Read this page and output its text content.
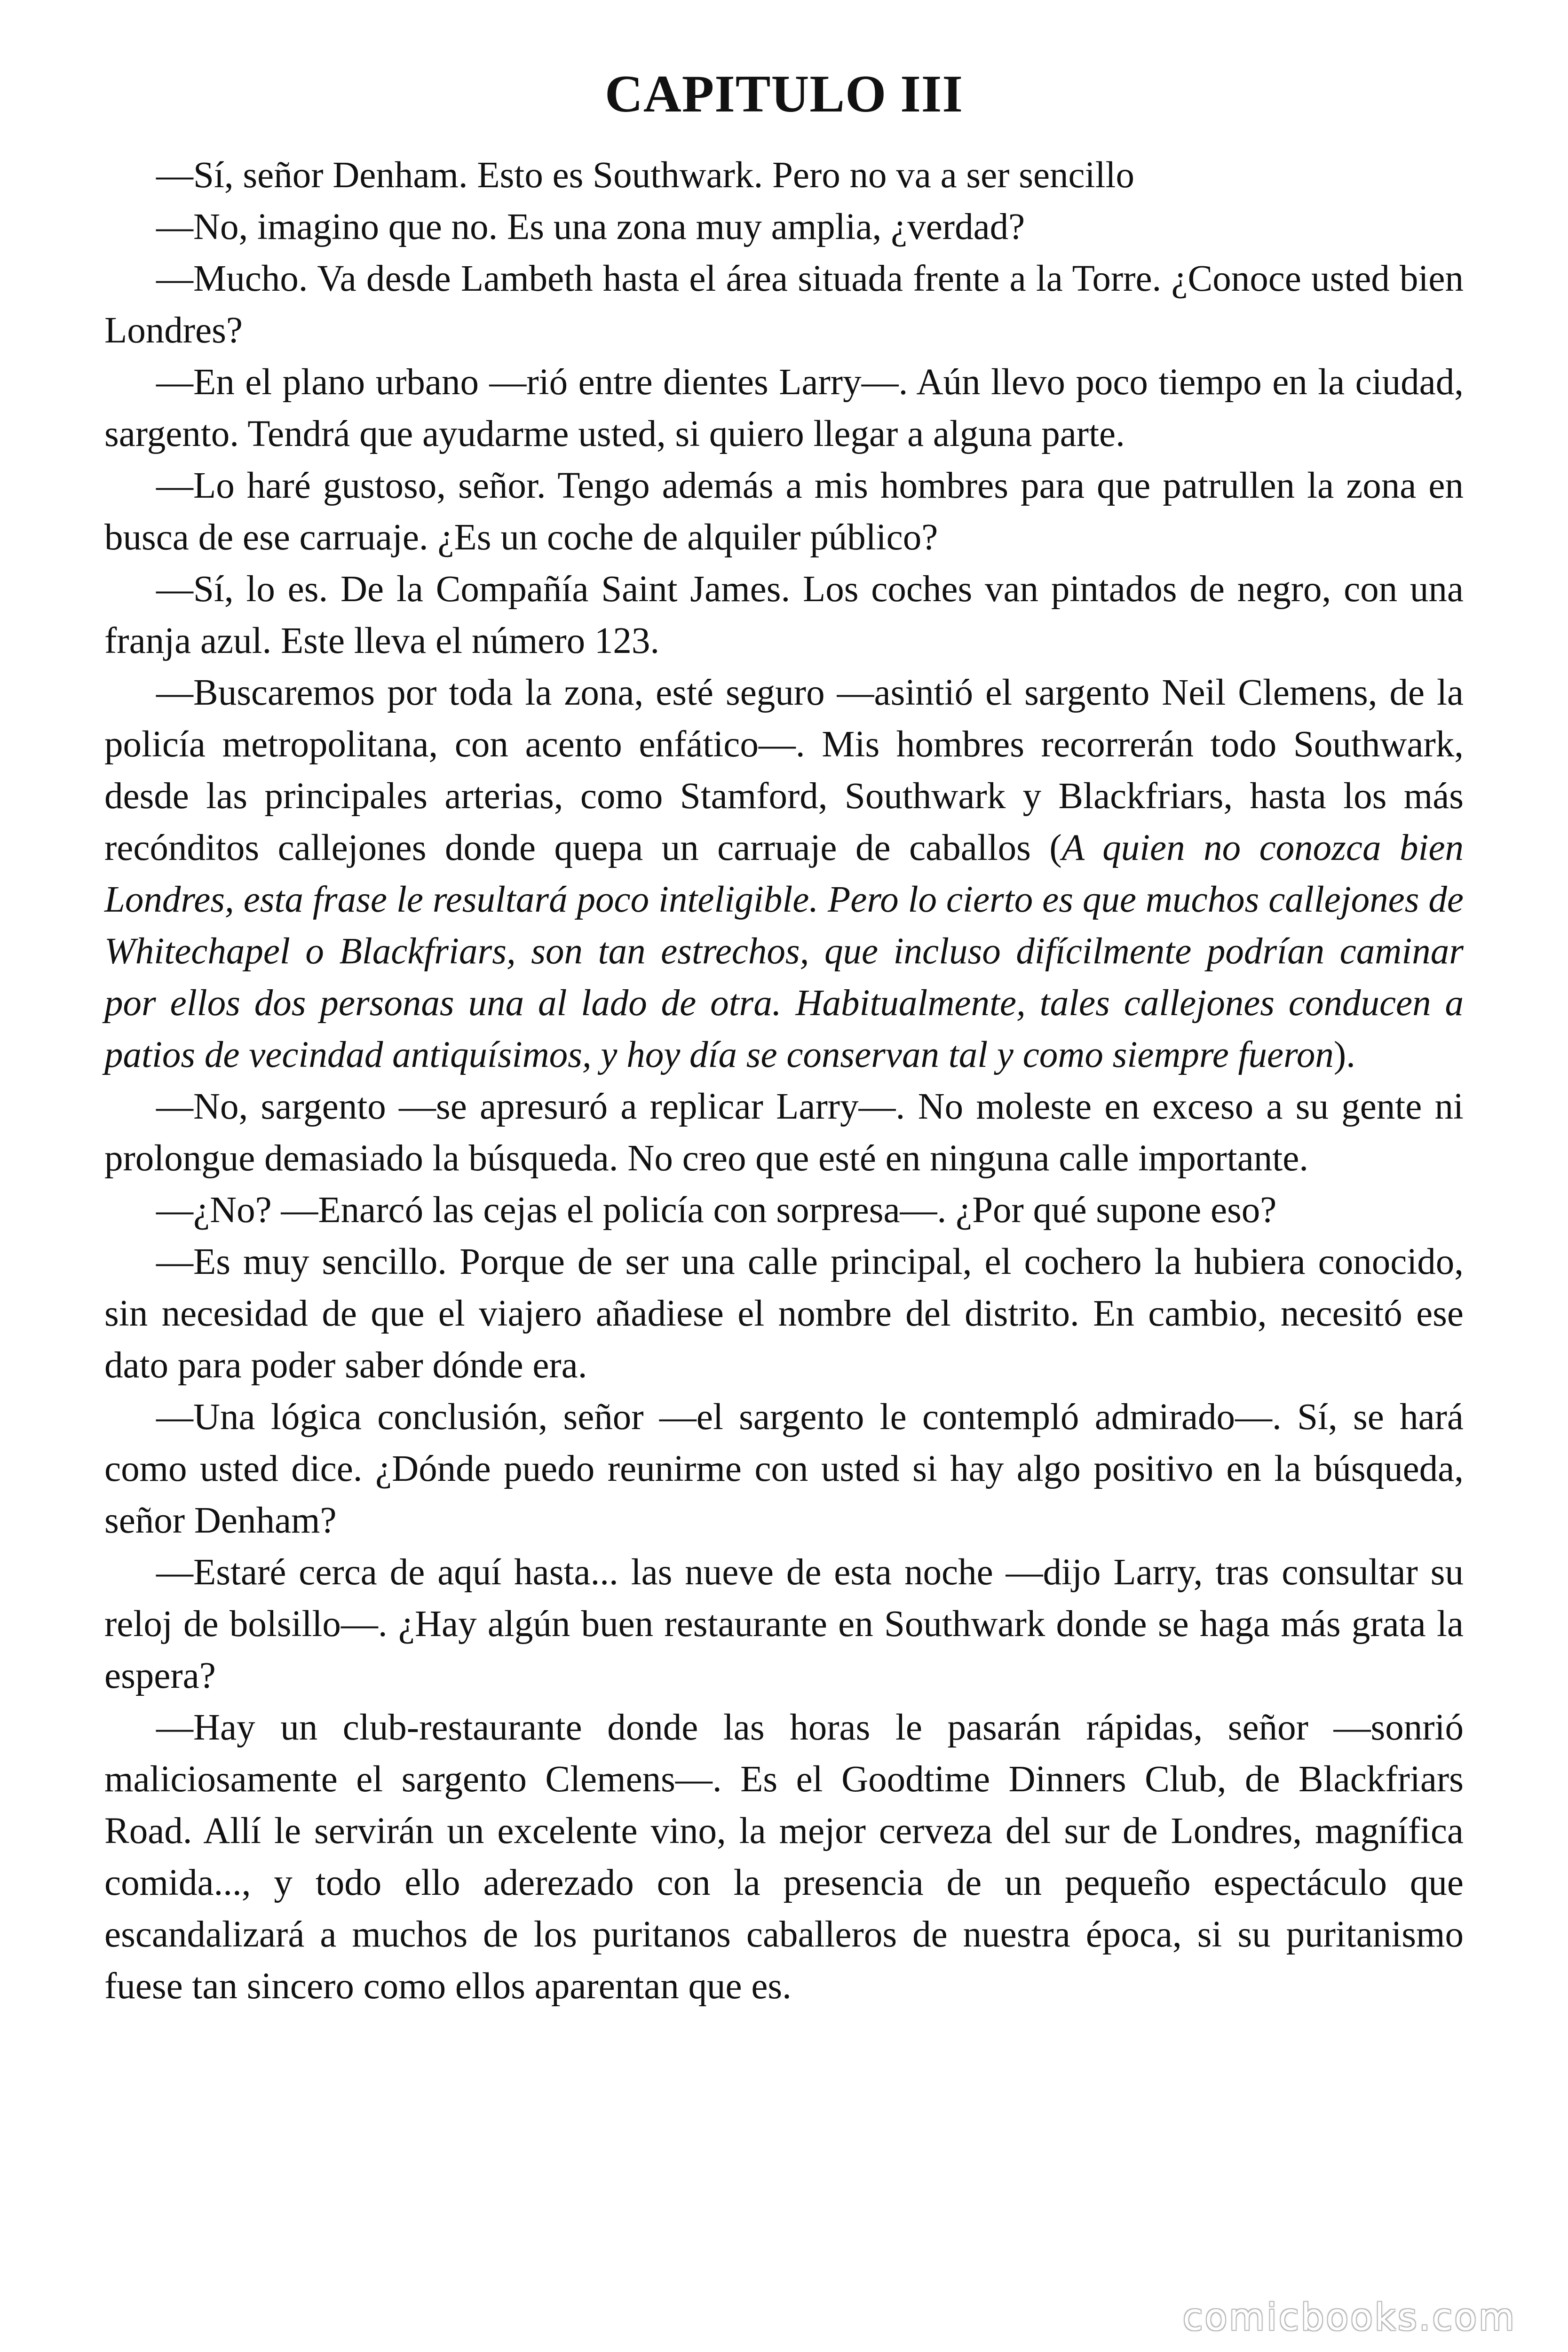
CAPITULO III

—Sí, señor Denham. Esto es Southwark. Pero no va a ser sencillo

—No, imagino que no. Es una zona muy amplia, ¿verdad?

—Mucho. Va desde Lambeth hasta el área situada frente a la Torre. ¿Conoce usted bien Londres?

—En el plano urbano —rió entre dientes Larry—. Aún llevo poco tiempo en la ciudad, sargento. Tendrá que ayudarme usted, si quiero llegar a alguna parte.

—Lo haré gustoso, señor. Tengo además a mis hombres para que patrullen la zona en busca de ese carruaje. ¿Es un coche de alquiler público?

—Sí, lo es. De la Compañía Saint James. Los coches van pintados de negro, con una franja azul. Este lleva el número 123.

—Buscaremos por toda la zona, esté seguro —asintió el sargento Neil Clemens, de la policía metropolitana, con acento enfático—. Mis hombres recorrerán todo Southwark, desde las principales arterias, como Stamford, Southwark y Blackfriars, hasta los más recónditos callejones donde quepa un carruaje de caballos (A quien no conozca bien Londres, esta frase le resultará poco inteligible. Pero lo cierto es que muchos callejones de Whitechapel o Blackfriars, son tan estrechos, que incluso difícilmente podrían caminar por ellos dos personas una al lado de otra. Habitualmente, tales callejones conducen a patios de vecindad antiquísimos, y hoy día se conservan tal y como siempre fueron).

—No, sargento —se apresuró a replicar Larry—. No moleste en exceso a su gente ni prolongue demasiado la búsqueda. No creo que esté en ninguna calle importante.

—¿No? —Enarcó las cejas el policía con sorpresa—. ¿Por qué supone eso?

—Es muy sencillo. Porque de ser una calle principal, el cochero la hubiera conocido, sin necesidad de que el viajero añadiese el nombre del distrito. En cambio, necesitó ese dato para poder saber dónde era.

—Una lógica conclusión, señor —el sargento le contempló admirado—. Sí, se hará como usted dice. ¿Dónde puedo reunirme con usted si hay algo positivo en la búsqueda, señor Denham?

—Estaré cerca de aquí hasta... las nueve de esta noche —dijo Larry, tras consultar su reloj de bolsillo—. ¿Hay algún buen restaurante en Southwark donde se haga más grata la espera?

—Hay un club-restaurante donde las horas le pasarán rápidas, señor —sonrió maliciosamente el sargento Clemens—. Es el Goodtime Dinners Club, de Blackfriars Road. Allí le servirán un excelente vino, la mejor cerveza del sur de Londres, magnífica comida..., y todo ello aderezado con la presencia de un pequeño espectáculo que escandalizará a muchos de los puritanos caballeros de nuestra época, si su puritanismo fuese tan sincero como ellos aparentan que es.

comicbooks.com
